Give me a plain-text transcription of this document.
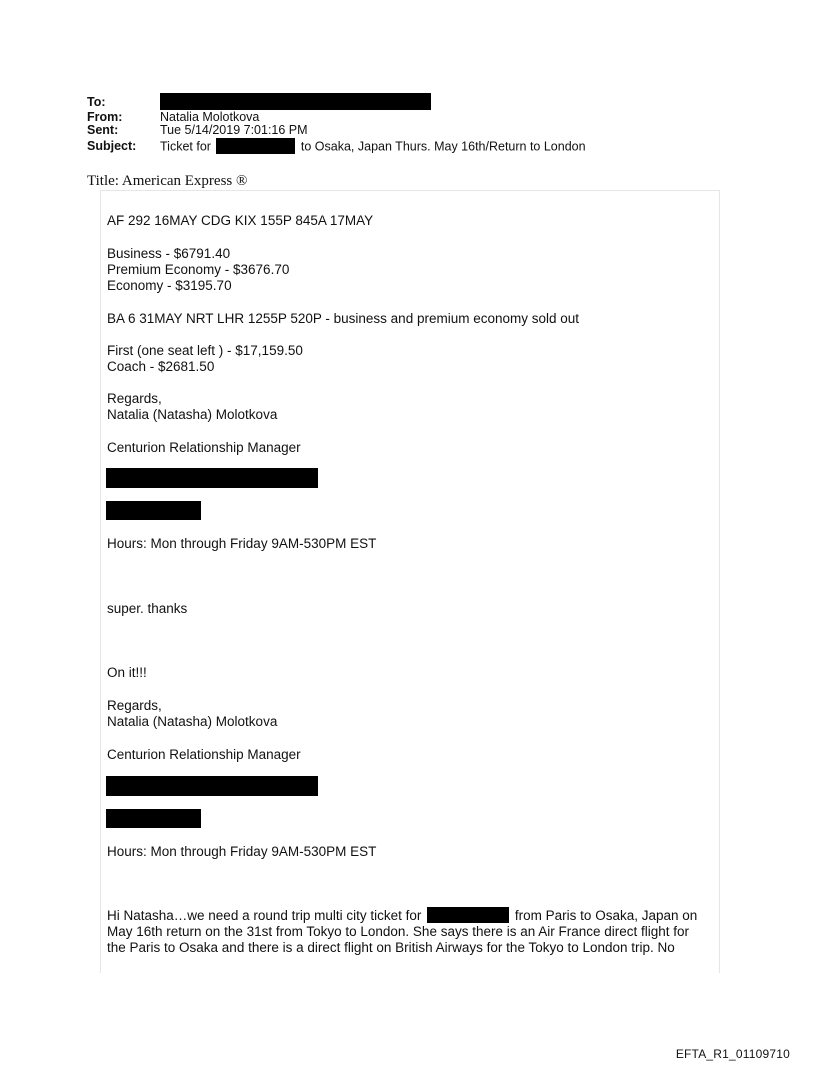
To:
From:	Natalia Molotkova
Sent:	Tue 5/14/2019 7:01:16 PM
Subject: Ticket for	to Osaka, Japan Thurs. May 16th/Return to London
Title: American Express ®
AF 292 16MAY CDG KIX 155P 845A 17MAY
Business - $6791.40
Premium Economy - $3676.70
Economy - $3195.70
BA 6 31MAY NRT LHR 1255P 520P - business and premium economy sold out
First (one seat left ) - $17,159.50
Coach - $2681.50
Regards,
Natalia (Natasha) Molotkova
Centurion Relationship Manager
Hours: Mon through Friday 9AM-530PM EST
super. thanks
On it!!!
Regards,
Natalia (Natasha) Molotkova
Centurion Relationship Manager
Hours: Mon through Friday 9AM-530PM EST
Hi Natasha…we need a round trip multi city ticket for	from Paris to Osaka, Japan on
May 16th return on the 31st from Tokyo to London. She says there is an Air France direct flight for
the Paris to Osaka and there is a direct flight on British Airways for the Tokyo to London trip. No
EFTA_R1_01109710
